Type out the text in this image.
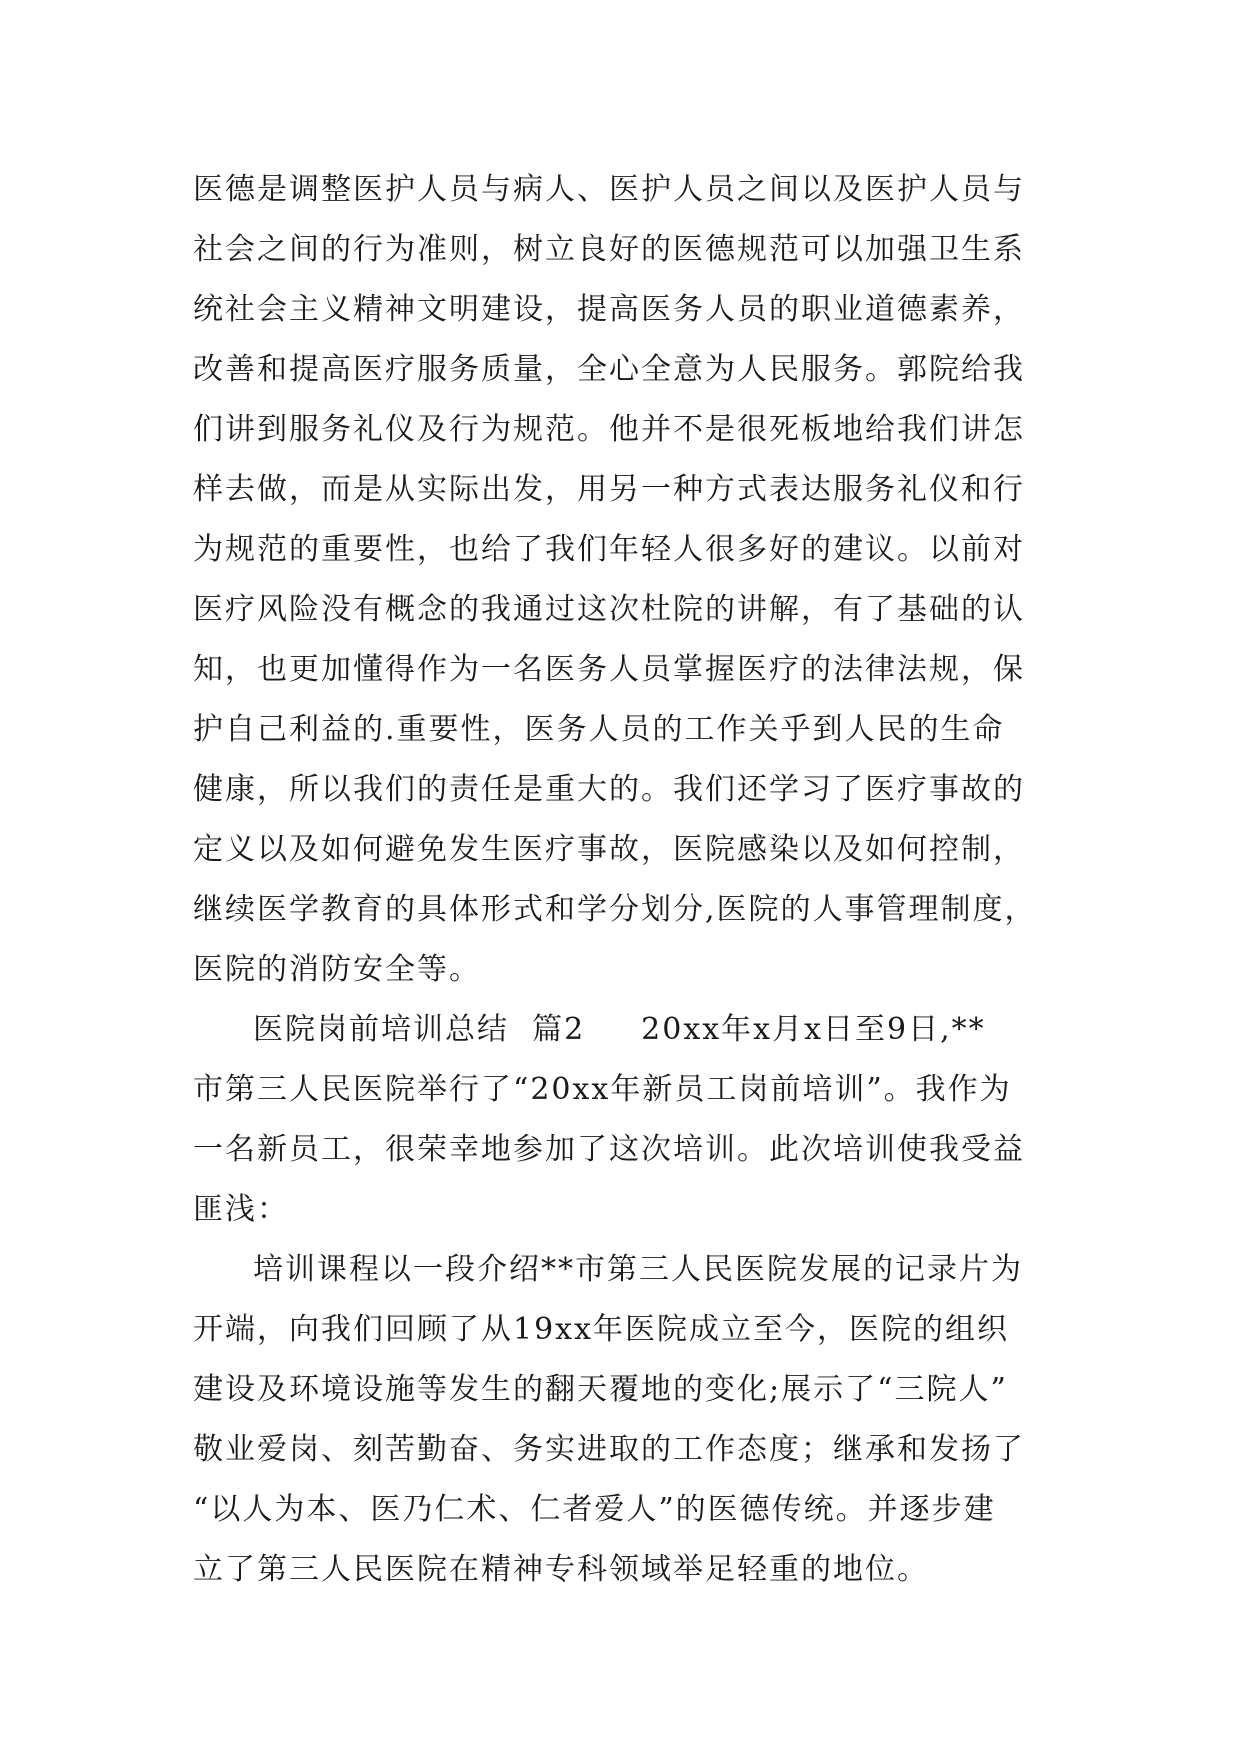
医德是调整医护人员与病人、医护人员之间以及医护人员与
社会之间的行为准则，树立良好的医德规范可以加强卫生系
统社会主义精神文明建设，提高医务人员的职业道德素养，
改善和提高医疗服务质量，全心全意为人民服务。郭院给我
们讲到服务礼仪及行为规范。他并不是很死板地给我们讲怎
样去做，而是从实际出发，用另一种方式表达服务礼仪和行
为规范的重要性，也给了我们年轻人很多好的建议。以前对
医疗风险没有概念的我通过这次杜院的讲解，有了基础的认
知，也更加懂得作为一名医务人员掌握医疗的法律法规，保
护自己利益的.重要性，医务人员的工作关乎到人民的生命
健康，所以我们的责任是重大的。我们还学习了医疗事故的
定义以及如何避免发生医疗事故，医院感染以及如何控制，
继续医学教育的具体形式和学分划分,医院的人事管理制度，
医院的消防安全等。
医院岗前培训总结  篇2 20xx年x月x日至9日,**
市第三人民医院举行了“20xx年新员工岗前培训”。我作为
一名新员工，很荣幸地参加了这次培训。此次培训使我受益
匪浅：
培训课程以一段介绍**市第三人民医院发展的记录片为
开端，向我们回顾了从19xx年医院成立至今，医院的组织
建设及环境设施等发生的翻天覆地的变化;展示了“三院人”
敬业爱岗、刻苦勤奋、务实进取的工作态度；继承和发扬了
“以人为本、医乃仁术、仁者爱人”的医德传统。并逐步建
立了第三人民医院在精神专科领域举足轻重的地位。
